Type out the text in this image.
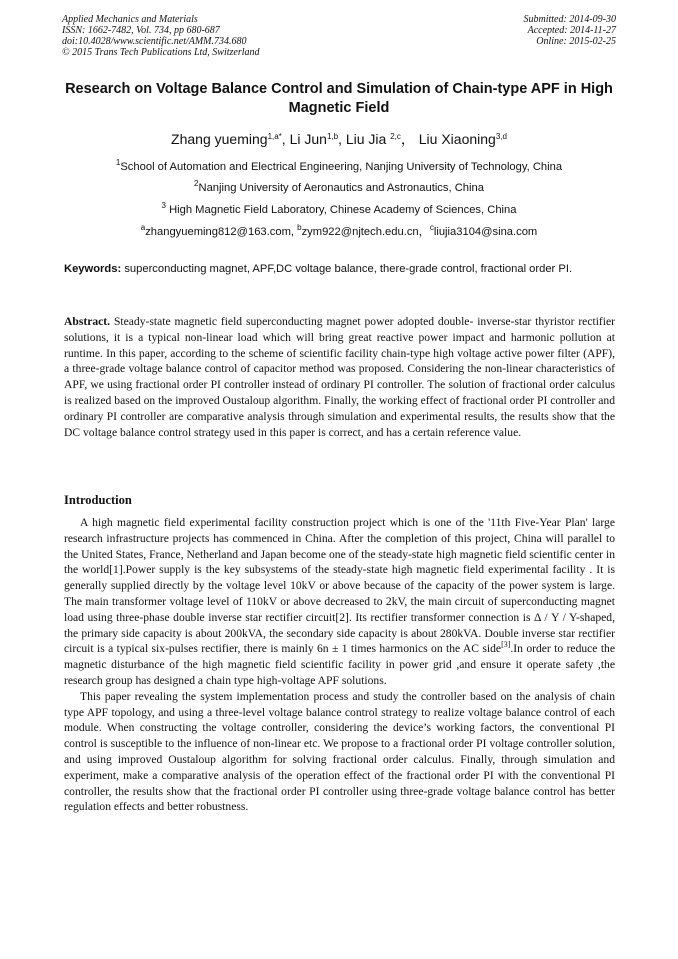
Applied Mechanics and Materials
ISSN: 1662-7482, Vol. 734, pp 680-687
doi:10.4028/www.scientific.net/AMM.734.680
© 2015 Trans Tech Publications Ltd, Switzerland
Submitted: 2014-09-30
Accepted: 2014-11-27
Online: 2015-02-25
Research on Voltage Balance Control and Simulation of Chain-type APF in High Magnetic Field
Zhang yueming$^{1,a*}$, Li Jun$^{1,b}$, Liu Jia $^{2,c}$， Liu Xiaoning$^{3,d}$
$^1$School of Automation and Electrical Engineering, Nanjing University of Technology, China
$^2$Nanjing University of Aeronautics and Astronautics, China
$^3$ High Magnetic Field Laboratory, Chinese Academy of Sciences, China
$^a$zhangyueming812@163.com, $^b$zym922@njtech.edu.cn，$^c$liujia3104@sina.com
Keywords: superconducting magnet, APF,DC voltage balance, there-grade control, fractional order PI.
Abstract. Steady-state magnetic field superconducting magnet power adopted double- inverse-star thyristor rectifier solutions, it is a typical non-linear load which will bring great reactive power impact and harmonic pollution at runtime. In this paper, according to the scheme of scientific facility chain-type high voltage active power filter (APF), a three-grade voltage balance control of capacitor method was proposed. Considering the non-linear characteristics of APF, we using fractional order PI controller instead of ordinary PI controller. The solution of fractional order calculus is realized based on the improved Oustaloup algorithm. Finally, the working effect of fractional order PI controller and ordinary PI controller are comparative analysis through simulation and experimental results, the results show that the DC voltage balance control strategy used in this paper is correct, and has a certain reference value.
Introduction

A high magnetic field experimental facility construction project which is one of the '11th Five-Year Plan' large research infrastructure projects has commenced in China. After the completion of this project, China will parallel to the United States, France, Netherland and Japan become one of the steady-state high magnetic field scientific center in the world[1].Power supply is the key subsystems of the steady-state high magnetic field experimental facility . It is generally supplied directly by the voltage level 10kV or above because of the capacity of the power system is large. The main transformer voltage level of 110kV or above decreased to 2kV, the main circuit of superconducting magnet load using three-phase double inverse star rectifier circuit[2]. Its rectifier transformer connection is Δ / Y / Y-shaped, the primary side capacity is about 200kVA, the secondary side capacity is about 280kVA. Double inverse star rectifier circuit is a typical six-pulses rectifier, there is mainly 6n ± 1 times harmonics on the AC side[3].In order to reduce the magnetic disturbance of the high magnetic field scientific facility in power grid ,and ensure it operate safety ,the research group has designed a chain type high-voltage APF solutions.

This paper revealing the system implementation process and study the controller based on the analysis of chain type APF topology, and using a three-level voltage balance control strategy to realize voltage balance control of each module. When constructing the voltage controller, considering the device’s working factors, the conventional PI control is susceptible to the influence of non-linear etc. We propose to a fractional order PI voltage controller solution, and using improved Oustaloup algorithm for solving fractional order calculus. Finally, through simulation and experiment, make a comparative analysis of the operation effect of the fractional order PI with the conventional PI controller, the results show that the fractional order PI controller using three-grade voltage balance control has better regulation effects and better robustness.
